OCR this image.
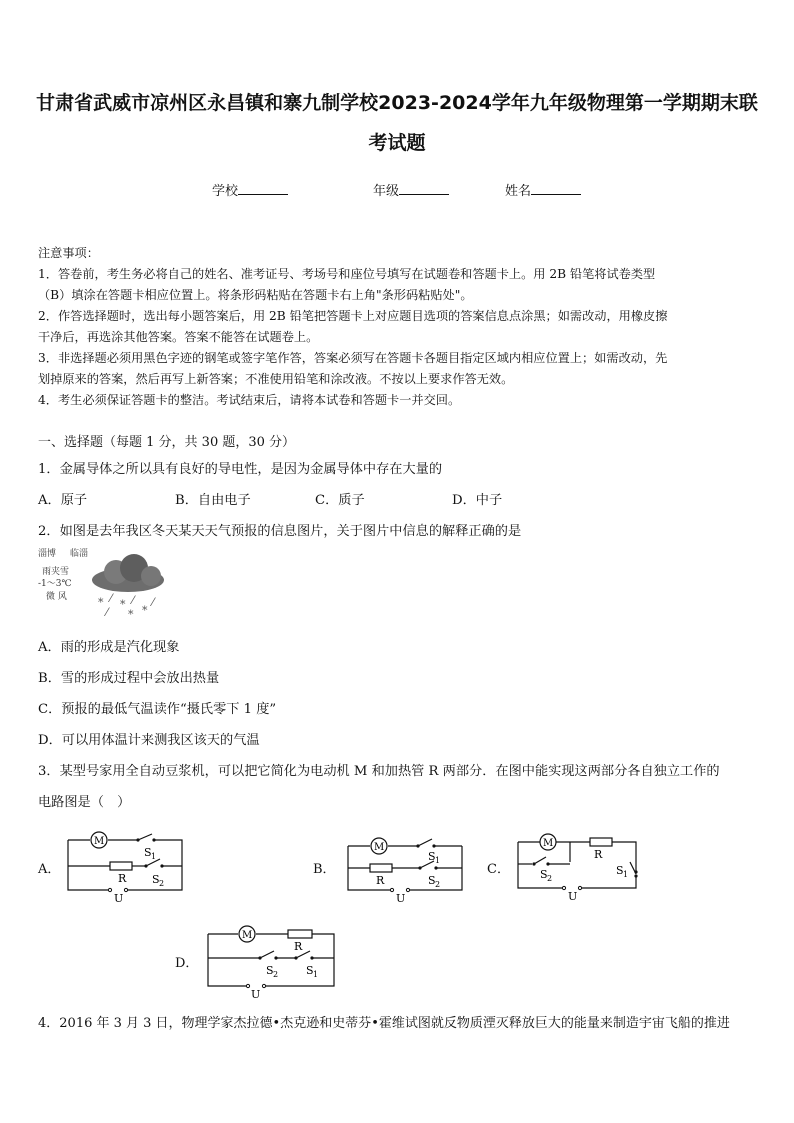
甘肃省武威市凉州区永昌镇和寨九制学校2023-2024学年九年级物理第一学期期末联
考试题
学校	年级	姓名
注意事项：
1．答卷前，考生务必将自己的姓名、准考证号、考场号和座位号填写在试题卷和答题卡上。用 2B 铅笔将试卷类型
（B）填涂在答题卡相应位置上。将条形码粘贴在答题卡右上角"条形码粘贴处"。
2．作答选择题时，选出每小题答案后，用 2B 铅笔把答题卡上对应题目选项的答案信息点涂黑；如需改动，用橡皮擦
干净后，再选涂其他答案。答案不能答在试题卷上。
3．非选择题必须用黑色字迹的钢笔或签字笔作答，答案必须写在答题卡各题目指定区域内相应位置上；如需改动，先
划掉原来的答案，然后再写上新答案；不准使用铅笔和涂改液。不按以上要求作答无效。
4．考生必须保证答题卡的整洁。考试结束后，请将本试卷和答题卡一并交回。
一、选择题（每题 1 分，共 30 题，30 分）
1．金属导体之所以具有良好的导电性，是因为金属导体中存在大量的
A．原子	B．自由电子	C．质子	D．中子
2．如图是去年我区冬天某天天气预报的信息图片，关于图片中信息的解释正确的是
淄博 临淄
雨夹雪
-1～3℃
微 风	* ⁄ * ⁄
*
⁄ *
⁄
A．雨的形成是汽化现象
B．雪的形成过程中会放出热量
C．预报的最低气温读作“摄氏零下 1 度”
D．可以用体温计来测我区该天的气温
3．某型号家用全自动豆浆机，可以把它简化为电动机 M 和加热管 R 两部分．在图中能实现这两部分各自独立工作的
电路图是（　）
A．
M
S 1
S 2
R
U
B．
M
S 1
S 2
R
U
C．
M
R
S 2
S 1
U
D．
M
R
S 2	S 1
U
4．2016 年 3 月 3 日，物理学家杰拉德•杰克逊和史蒂芬•霍维试图就反物质湮灭释放巨大的能量来制造宇宙飞船的推进
